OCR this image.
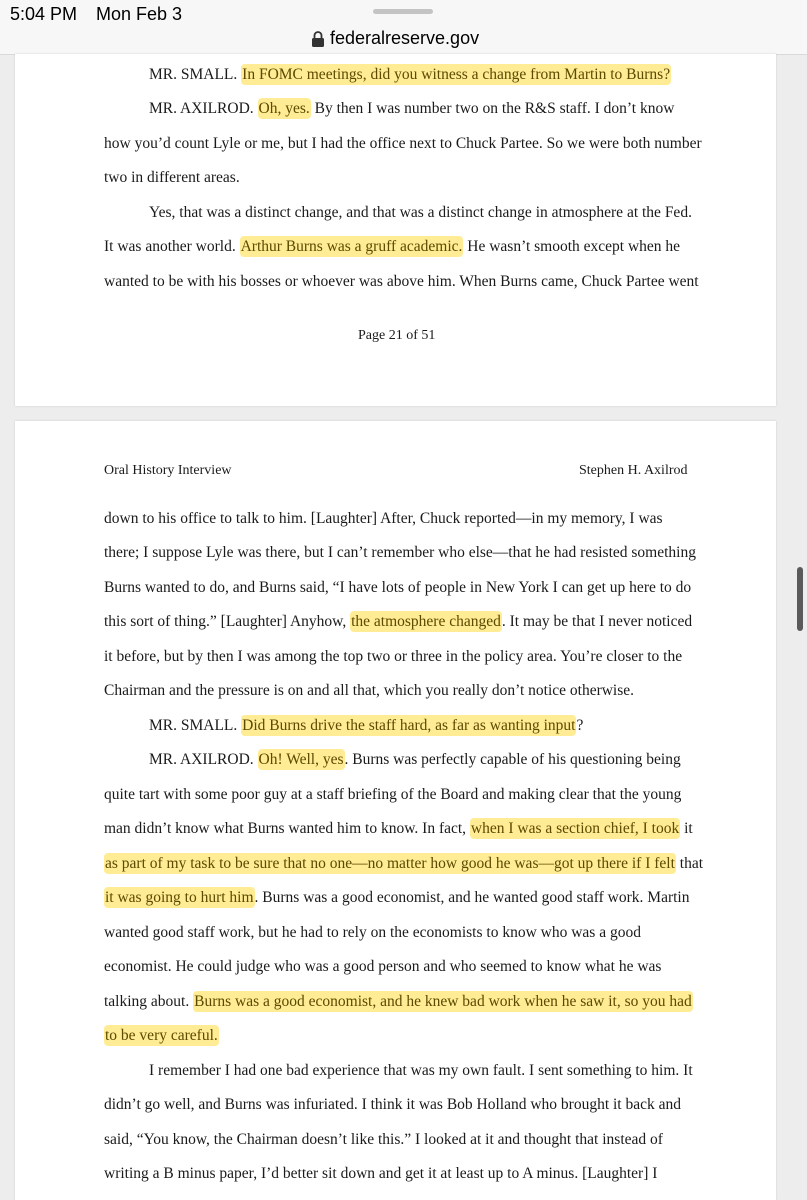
5:04 PM Mon Feb 3
federalreserve.gov
MR. SMALL. In FOMC meetings, did you witness a change from Martin to Burns?
MR. AXILROD. Oh, yes. By then I was number two on the R&S staff. I don’t know
how you’d count Lyle or me, but I had the office next to Chuck Partee. So we were both number
two in different areas.
Yes, that was a distinct change, and that was a distinct change in atmosphere at the Fed.
It was another world. Arthur Burns was a gruff academic. He wasn’t smooth except when he
wanted to be with his bosses or whoever was above him. When Burns came, Chuck Partee went
Page 21 of 51
Oral History Interview	Stephen H. Axilrod
down to his office to talk to him. [Laughter] After, Chuck reported—in my memory, I was
there; I suppose Lyle was there, but I can’t remember who else—that he had resisted something
Burns wanted to do, and Burns said, “I have lots of people in New York I can get up here to do
this sort of thing.” [Laughter] Anyhow, the atmosphere changed. It may be that I never noticed
it before, but by then I was among the top two or three in the policy area. You’re closer to the
Chairman and the pressure is on and all that, which you really don’t notice otherwise.
MR. SMALL. Did Burns drive the staff hard, as far as wanting input?
MR. AXILROD. Oh! Well, yes. Burns was perfectly capable of his questioning being
quite tart with some poor guy at a staff briefing of the Board and making clear that the young
man didn’t know what Burns wanted him to know. In fact, when I was a section chief, I took it
as part of my task to be sure that no one—no matter how good he was—got up there if I felt that
it was going to hurt him. Burns was a good economist, and he wanted good staff work. Martin
wanted good staff work, but he had to rely on the economists to know who was a good
economist. He could judge who was a good person and who seemed to know what he was
talking about. Burns was a good economist, and he knew bad work when he saw it, so you had
to be very careful.
I remember I had one bad experience that was my own fault. I sent something to him. It
didn’t go well, and Burns was infuriated. I think it was Bob Holland who brought it back and
said, “You know, the Chairman doesn’t like this.” I looked at it and thought that instead of
writing a B minus paper, I’d better sit down and get it at least up to A minus. [Laughter] I
